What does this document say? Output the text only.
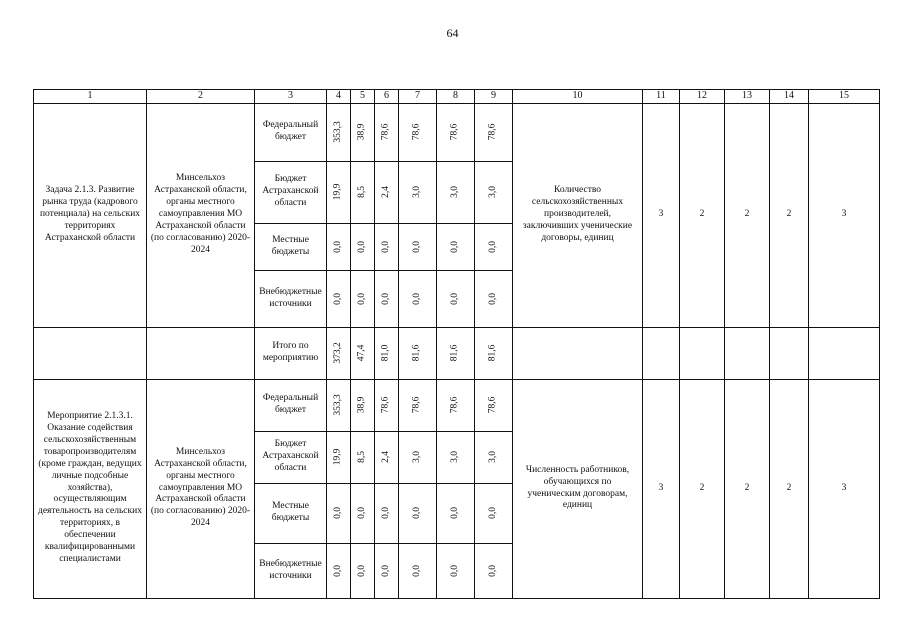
64
1	2	3	4	5	6	7	8	9	10	11	12	13	14	15
Задача 2.1.3. Развитие рынка труда (кадрового потенциала) на сельских территориях Астраханской области	Минсельхоз Астраханской области, органы местного самоуправления МО Астраханской области (по согласованию) 2020-2024	Федеральный бюджет	353,3	38,9	78,6	78,6	78,6	78,6	Количество сельскохозяйственных производителей, заключивших ученические договоры, единиц	3	2	2	2	3
		Бюджет Астраханской области	19,9	8,5	2,4	3,0	3,0	3,0						
		Местные бюджеты	0,0	0,0	0,0	0,0	0,0	0,0						
		Внебюджетные источники	0,0	0,0	0,0	0,0	0,0	0,0						
		Итого по мероприятию	373,2	47,4	81,0	81,6	81,6	81,6						
Мероприятие 2.1.3.1. Оказание содействия сельскохозяйственным товаропроизводителям (кроме граждан, ведущих личные подсобные хозяйства), осуществляющим деятельность на сельских территориях, в обеспечении квалифицированными специалистами	Минсельхоз Астраханской области, органы местного самоуправления МО Астраханской области (по согласованию) 2020-2024	Федеральный бюджет	353,3	38,9	78,6	78,6	78,6	78,6	Численность работников, обучающихся по ученическим договорам, единиц	3	2	2	2	3
		Бюджет Астраханской области	19,9	8,5	2,4	3,0	3,0	3,0						
		Местные бюджеты	0,0	0,0	0,0	0,0	0,0	0,0						
		Внебюджетные источники	0,0	0,0	0,0	0,0	0,0	0,0						
